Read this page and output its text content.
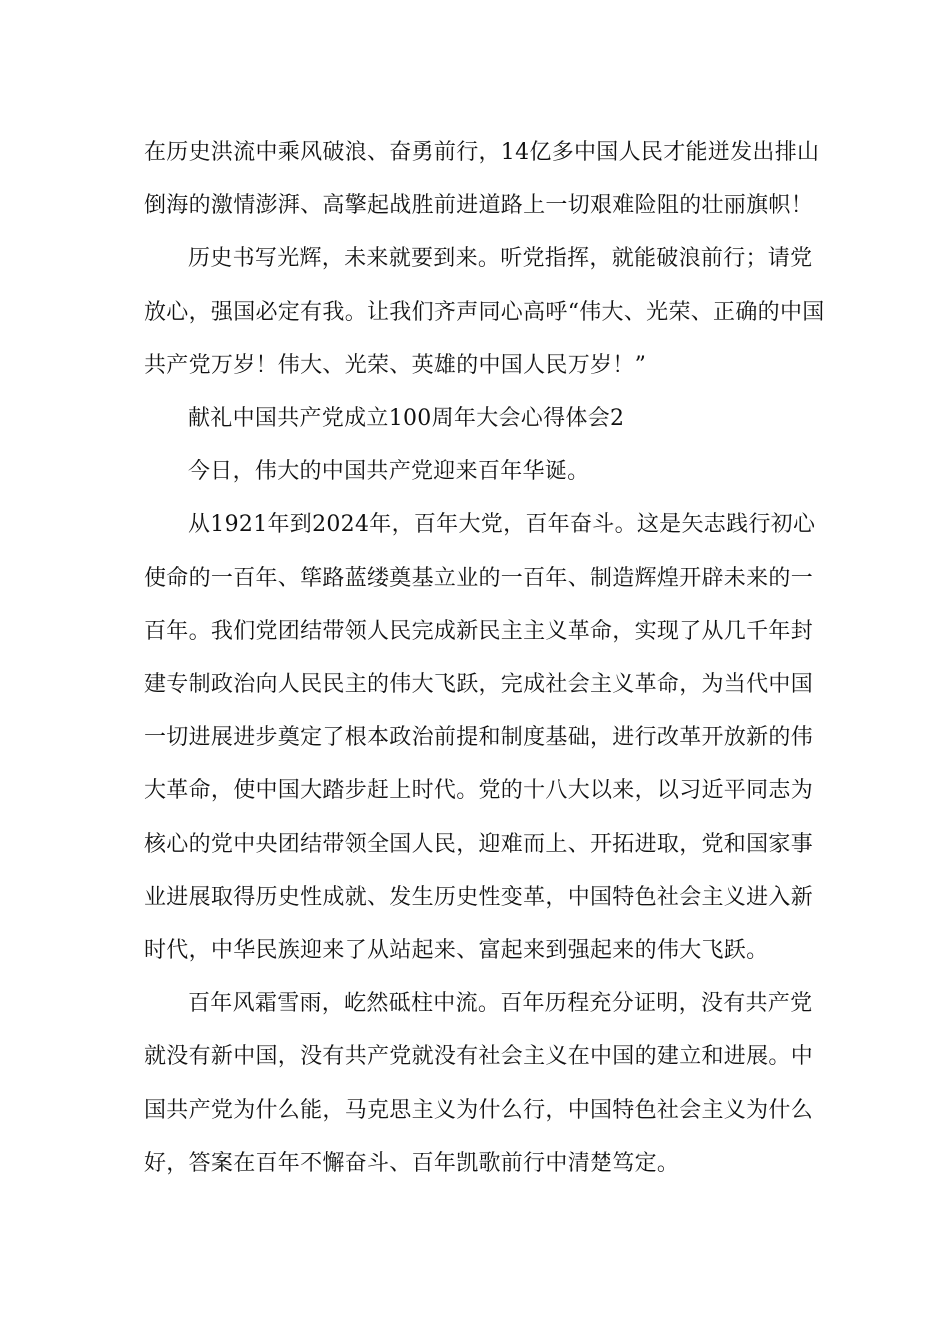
在历史洪流中乘风破浪、奋勇前行，14亿多中国人民才能迸发出排山倒海的激情澎湃、高擎起战胜前进道路上一切艰难险阻的壮丽旗帜！

历史书写光辉，未来就要到来。听党指挥，就能破浪前行；请党放心，强国必定有我。让我们齐声同心高呼“伟大、光荣、正确的中国共产党万岁！伟大、光荣、英雄的中国人民万岁！”

献礼中国共产党成立100周年大会心得体会2

今日，伟大的中国共产党迎来百年华诞。

从1921年到2024年，百年大党，百年奋斗。这是矢志践行初心使命的一百年、筚路蓝缕奠基立业的一百年、制造辉煌开辟未来的一百年。我们党团结带领人民完成新民主主义革命，实现了从几千年封建专制政治向人民民主的伟大飞跃，完成社会主义革命，为当代中国一切进展进步奠定了根本政治前提和制度基础，进行改革开放新的伟大革命，使中国大踏步赶上时代。党的十八大以来，以习近平同志为核心的党中央团结带领全国人民，迎难而上、开拓进取，党和国家事业进展取得历史性成就、发生历史性变革，中国特色社会主义进入新时代，中华民族迎来了从站起来、富起来到强起来的伟大飞跃。

百年风霜雪雨，屹然砥柱中流。百年历程充分证明，没有共产党就没有新中国，没有共产党就没有社会主义在中国的建立和进展。中国共产党为什么能，马克思主义为什么行，中国特色社会主义为什么好，答案在百年不懈奋斗、百年凯歌前行中清楚笃定。
